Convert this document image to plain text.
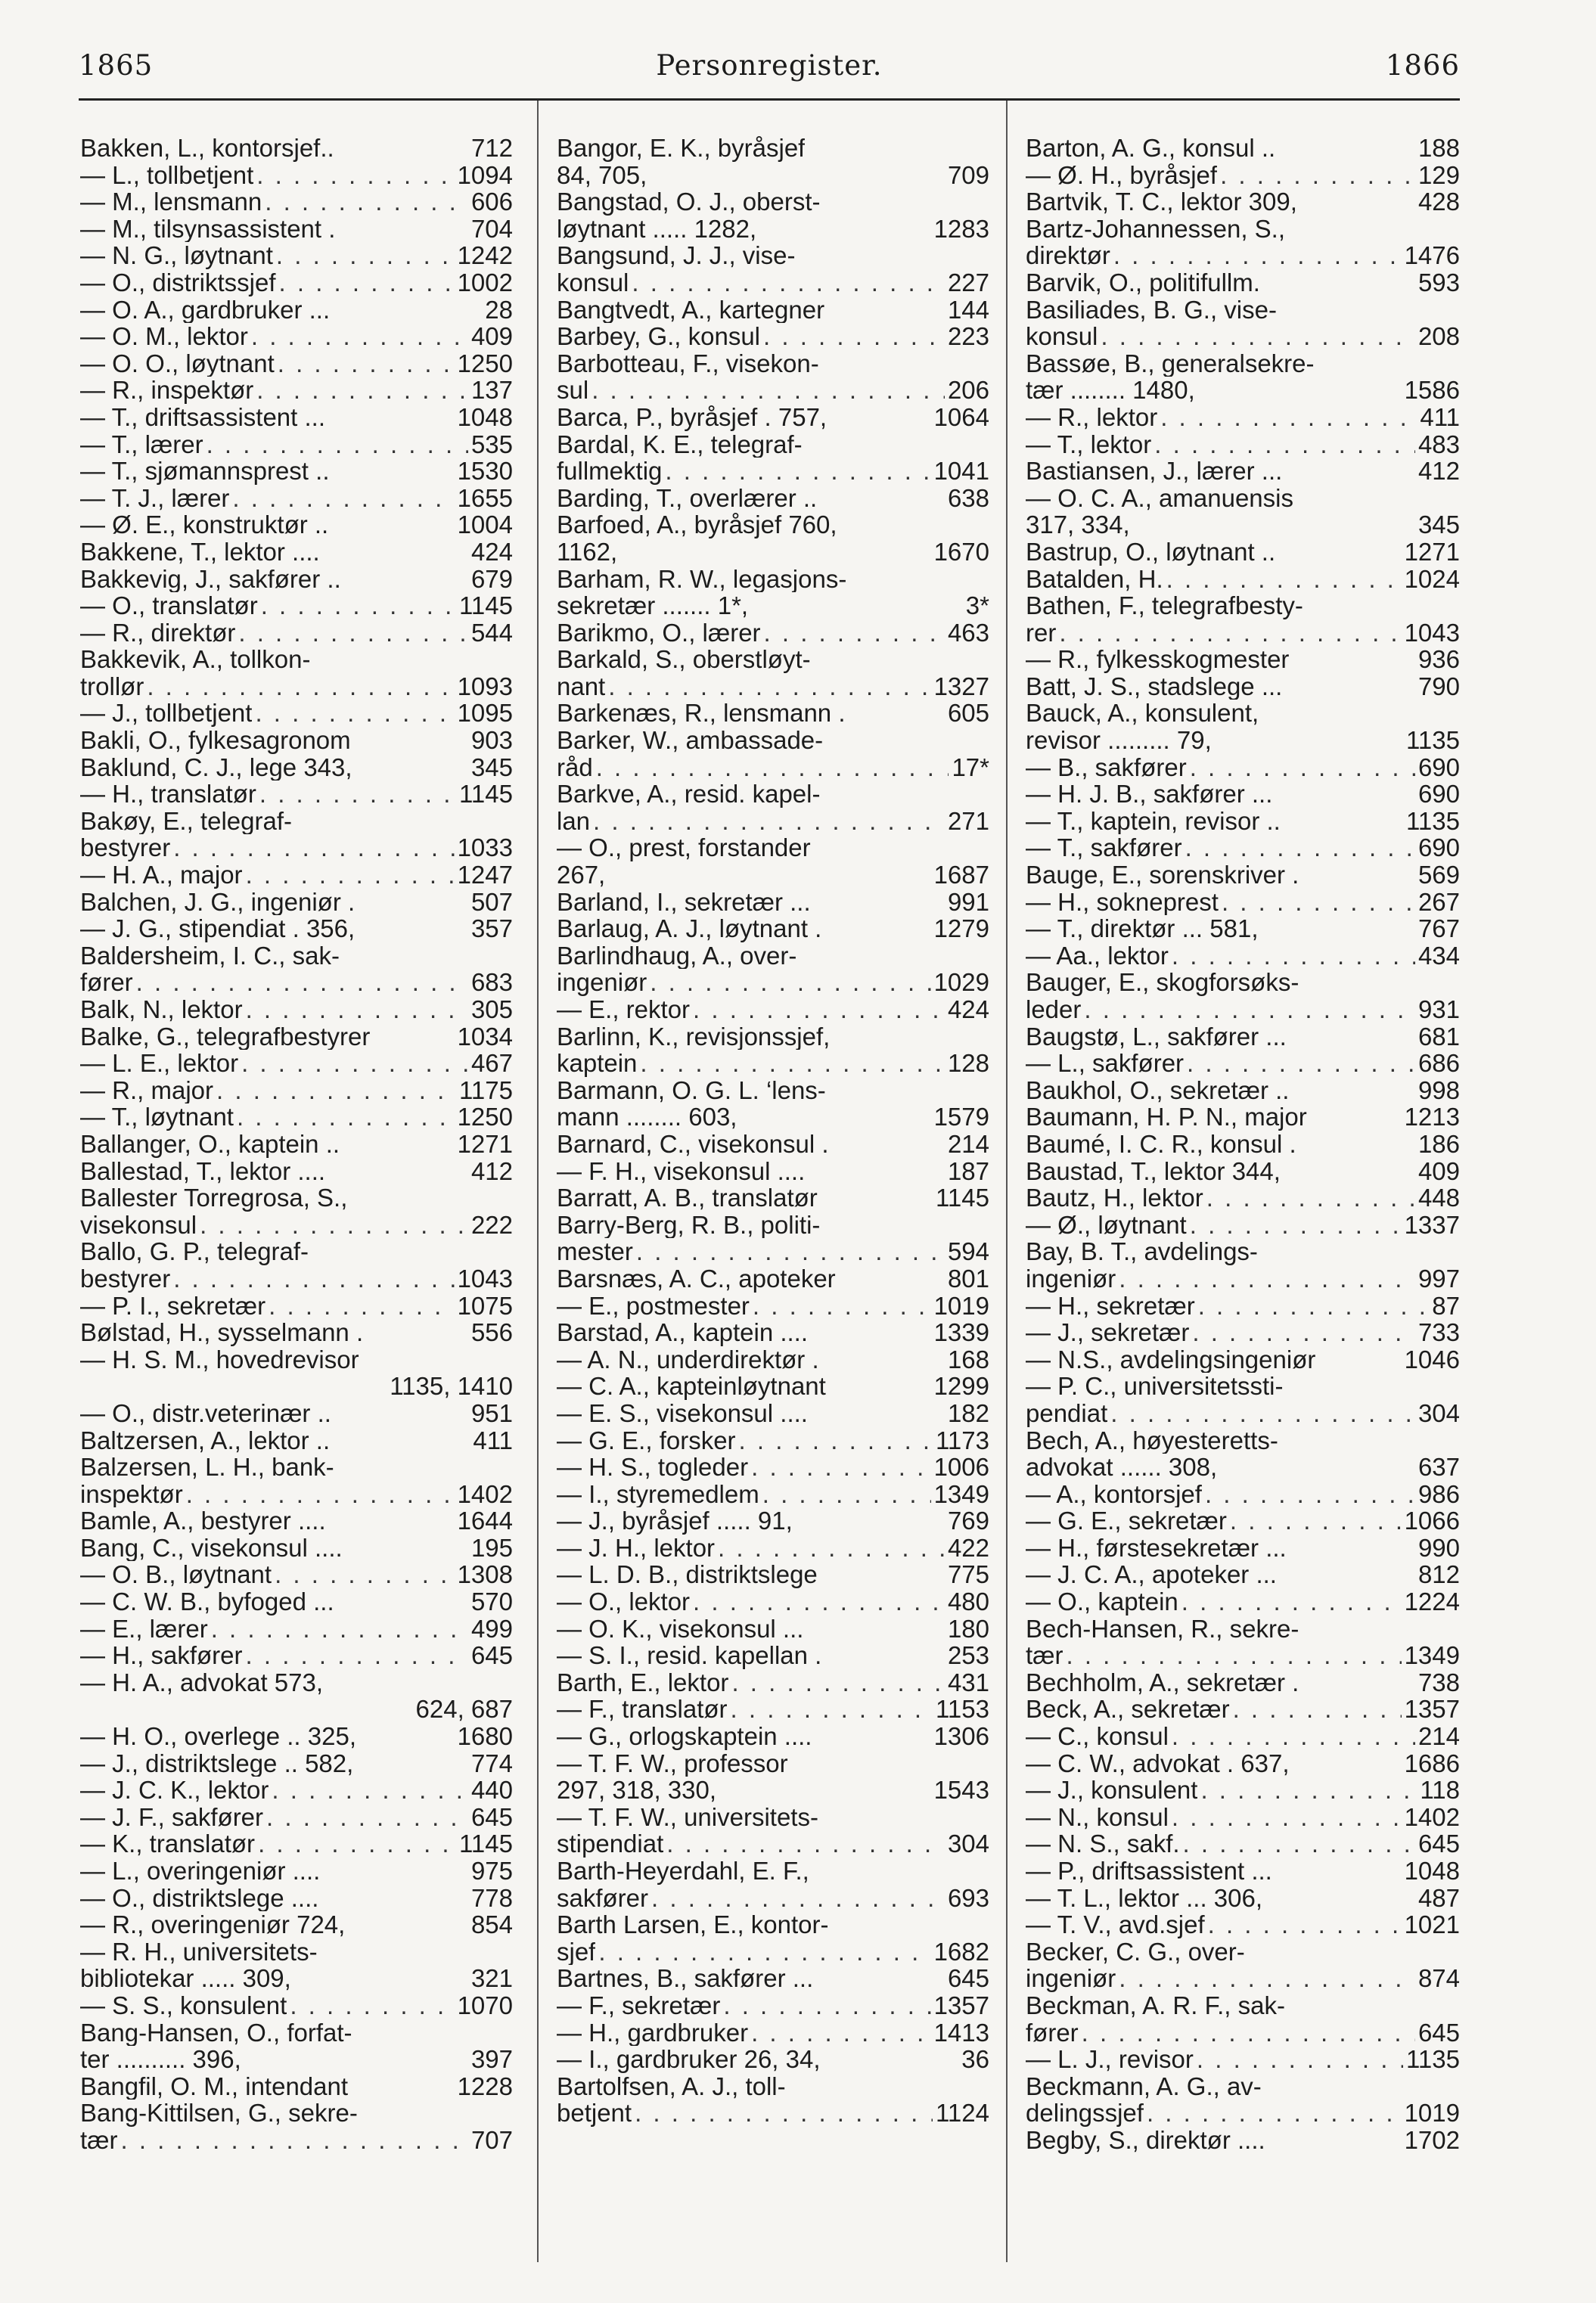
Personregister.
1865	1866
Bakken, L., kontorsjef..	712
— L., tollbetjent . . .	1094
— M., lensmann . . .	606
— M., tilsynsassistent .	704
— N. G., løytnant . . .	1242
— O., distriktssjef . . .	1002
— O. A., gardbruker ...	28
— O. M., lektor . . .	409
— O. O., løytnant . . .	1250
— R., inspektør . . .	137
— T., driftsassistent ...	1048
— T., lærer . . .	535
— T., sjømannsprest ..	1530
— T. J., lærer . . .	1655
— Ø. E., konstruktør ..	1004
Bakkene, T., lektor ....	424
Bakkevig, J., sakfører ..	679
— O., translatør . . .	1145
— R., direktør . . .	544
Bakkevik, A., tollkon-
trollør . . .	1093
— J., tollbetjent . . .	1095
Bakli, O., fylkesagronom	903
Baklund, C. J., lege 343,	345
— H., translatør . . .	1145
Bakøy, E., telegraf-
bestyrer . . .	1033
— H. A., major . . .	1247
Balchen, J. G., ingeniør .	507
— J. G., stipendiat . 356,	357
Baldersheim, I. C., sak-
fører . . .	683
Balk, N., lektor . . .	305
Balke, G., telegrafbestyrer	1034
— L. E., lektor . . .	467
— R., major . . .	1175
— T., løytnant . . .	1250
Ballanger, O., kaptein ..	1271
Ballestad, T., lektor ....	412
Ballester Torregrosa, S.,
visekonsul . . .	222
Ballo, G. P., telegraf-
bestyrer . . .	1043
— P. I., sekretær . . .	1075
Bølstad, H., sysselmann .	556
— H. S. M., hovedrevisor
1135, 1410
— O., distr.veterinær ..	951
Baltzersen, A., lektor ..	411
Balzersen, L. H., bank-
inspektør . . .	1402
Bamle, A., bestyrer ....	1644
Bang, C., visekonsul ....	195
— O. B., løytnant . . .	1308
— C. W. B., byfoged ...	570
— E., lærer . . .	499
— H., sakfører . . .	645
— H. A., advokat 573,
624, 687
— H. O., overlege .. 325,	1680
— J., distriktslege .. 582,	774
— J. C. K., lektor . . .	440
— J. F., sakfører . . .	645
— K., translatør . . .	1145
— L., overingeniør ....	975
— O., distriktslege ....	778
— R., overingeniør 724,	854
— R. H., universitets-
bibliotekar ..... 309,	321
— S. S., konsulent . . .	1070
Bang-Hansen, O., forfat-
ter .......... 396,	397
Bangfil, O. M., intendant	1228
Bang-Kittilsen, G., sekre-
tær . . .	707
Bangor, E. K., byråsjef
84, 705,	709
Bangstad, O. J., oberst-
løytnant ..... 1282,	1283
Bangsund, J. J., vise-
konsul . . .	227
Bangtvedt, A., kartegner	144
Barbey, G., konsul . . .	223
Barbotteau, F., visekon-
sul . . .	206
Barca, P., byråsjef . 757,	1064
Bardal, K. E., telegraf-
fullmektig . . .	1041
Barding, T., overlærer ..	638
Barfoed, A., byråsjef 760,
1162,	1670
Barham, R. W., legasjons-
sekretær ....... 1*,	3*
Barikmo, O., lærer . . .	463
Barkald, S., oberstløyt-
nant . . .	1327
Barkenæs, R., lensmann .	605
Barker, W., ambassade-
råd . . .	17*
Barkve, A., resid. kapel-
lan . . .	271
— O., prest, forstander
267,	1687
Barland, I., sekretær ...	991
Barlaug, A. J., løytnant .	1279
Barlindhaug, A., over-
ingeniør . . .	1029
— E., rektor . . .	424
Barlinn, K., revisjonssjef,
kaptein . . .	128
Barmann, O. G. L. ‘lens-
mann ........ 603,	1579
Barnard, C., visekonsul .	214
— F. H., visekonsul ....	187
Barratt, A. B., translatør	1145
Barry-Berg, R. B., politi-
mester . . .	594
Barsnæs, A. C., apoteker	801
— E., postmester . . .	1019
Barstad, A., kaptein ....	1339
— A. N., underdirektør .	168
— C. A., kapteinløytnant	1299
— E. S., visekonsul ....	182
— G. E., forsker . . .	1173
— H. S., togleder . . .	1006
— I., styremedlem . . .	1349
— J., byråsjef ..... 91,	769
— J. H., lektor . . .	422
— L. D. B., distriktslege	775
— O., lektor . . .	480
— O. K., visekonsul ...	180
— S. I., resid. kapellan .	253
Barth, E., lektor . . .	431
— F., translatør . . .	1153
— G., orlogskaptein ....	1306
— T. F. W., professor
297, 318, 330,	1543
— T. F. W., universitets-
stipendiat . . .	304
Barth-Heyerdahl, E. F.,
sakfører . . .	693
Barth Larsen, E., kontor-
sjef . . .	1682
Bartnes, B., sakfører ...	645
— F., sekretær . . .	1357
— H., gardbruker . . .	1413
— I., gardbruker 26, 34,	36
Bartolfsen, A. J., toll-
betjent . . .	1124
Barton, A. G., konsul ..	188
— Ø. H., byråsjef . . .	129
Bartvik, T. C., lektor 309,	428
Bartz-Johannessen, S.,
direktør . . .	1476
Barvik, O., politifullm.	593
Basiliades, B. G., vise-
konsul . . .	208
Bassøe, B., generalsekre-
tær ........ 1480,	1586
— R., lektor . . .	411
— T., lektor . . .	483
Bastiansen, J., lærer ...	412
— O. C. A., amanuensis
317, 334,	345
Bastrup, O., løytnant ..	1271
Batalden, H. . . .	1024
Bathen, F., telegrafbesty-
rer . . .	1043
— R., fylkesskogmester	936
Batt, J. S., stadslege ...	790
Bauck, A., konsulent,
revisor ......... 79,	1135
— B., sakfører . . .	690
— H. J. B., sakfører ...	690
— T., kaptein, revisor ..	1135
— T., sakfører . . .	690
Bauge, E., sorenskriver .	569
— H., sokneprest . . .	267
— T., direktør ... 581,	767
— Aa., lektor . . .	434
Bauger, E., skogforsøks-
leder . . .	931
Baugstø, L., sakfører ...	681
— L., sakfører . . .	686
Baukhol, O., sekretær ..	998
Baumann, H. P. N., major	1213
Baumé, I. C. R., konsul .	186
Baustad, T., lektor 344,	409
Bautz, H., lektor . . .	448
— Ø., løytnant . . .	1337
Bay, B. T., avdelings-
ingeniør . . .	997
— H., sekretær . . .	87
— J., sekretær . . .	733
— N.S., avdelingsingeniør	1046
— P. C., universitetssti-
pendiat . . .	304
Bech, A., høyesteretts-
advokat ...... 308,	637
— A., kontorsjef . . .	986
— G. E., sekretær . . .	1066
— H., førstesekretær ...	990
— J. C. A., apoteker ...	812
— O., kaptein . . .	1224
Bech-Hansen, R., sekre-
tær . . .	1349
Bechholm, A., sekretær .	738
Beck, A., sekretær . . .	1357
— C., konsul . . .	214
— C. W., advokat . 637,	1686
— J., konsulent . . .	118
— N., konsul . . .	1402
— N. S., sakf. . . .	645
— P., driftsassistent ...	1048
— T. L., lektor ... 306,	487
— T. V., avd.sjef . . .	1021
Becker, C. G., over-
ingeniør . . .	874
Beckman, A. R. F., sak-
fører . . .	645
— L. J., revisor . . .	1135
Beckmann, A. G., av-
delingssjef . . .	1019
Begby, S., direktør ....	1702
